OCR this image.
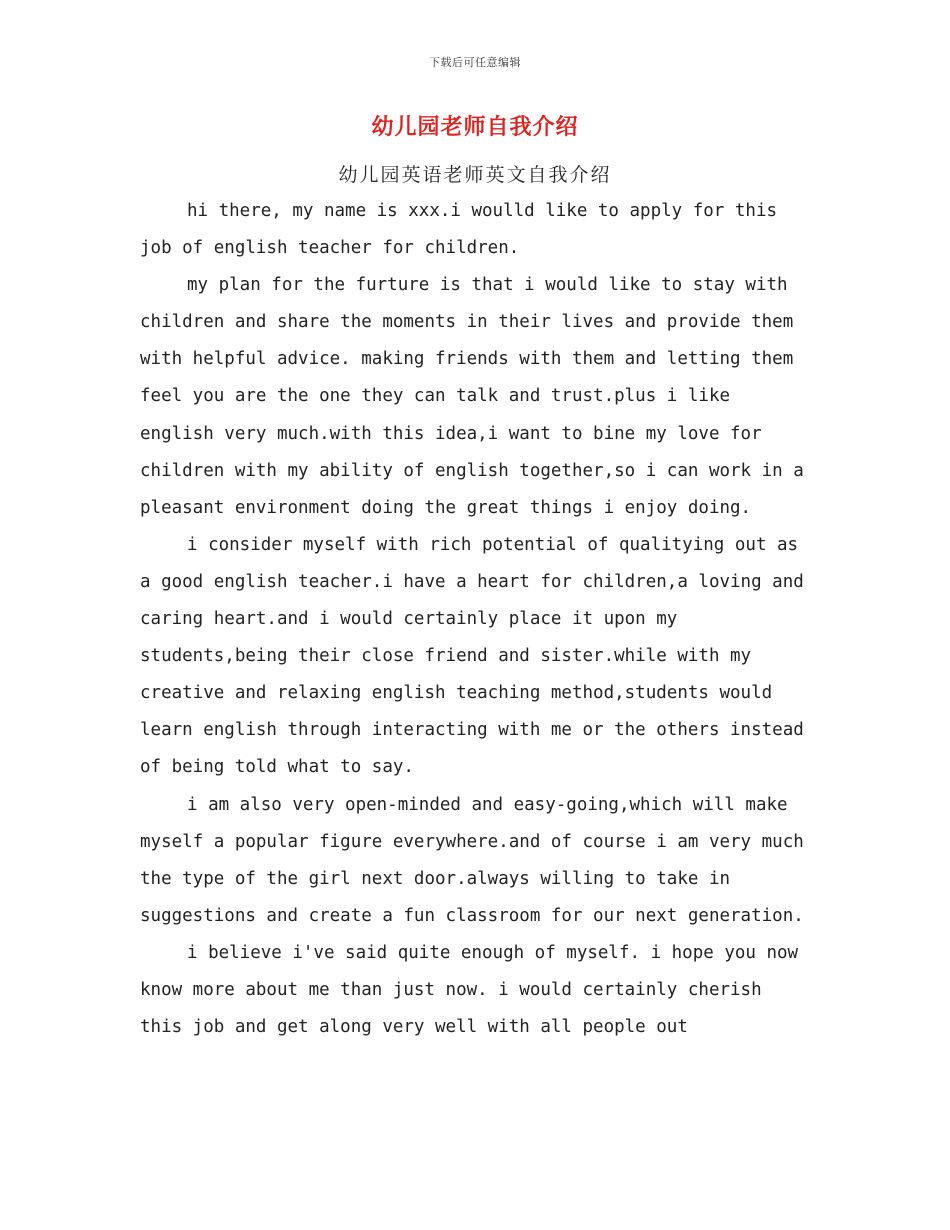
下载后可任意编辑
幼儿园老师自我介绍
幼儿园英语老师英文自我介绍

hi there, my name is xxx.i woulld like to apply for this job of english teacher for children.

my plan for the furture is that i would like to stay with children and share the moments in their lives and provide them with helpful advice. making friends with them and letting them feel you are the one they can talk and trust.plus i like english very much.with this idea,i want to bine my love for children with my ability of english together,so i can work in a pleasant environment doing the great things i enjoy doing.

i consider myself with rich potential of qualitying out as a good english teacher.i have a heart for children,a loving and caring heart.and i would certainly place it upon my students,being their close friend and sister.while with my creative and relaxing english teaching method,students would learn english through interacting with me or the others instead of being told what to say.

i am also very open-minded and easy-going,which will make myself a popular figure everywhere.and of course i am very much the type of the girl next door.always willing to take in suggestions and create a fun classroom for our next generation.

i believe i've said quite enough of myself. i hope you now know more about me than just now. i would certainly cherish this job and get along very well with all people out
